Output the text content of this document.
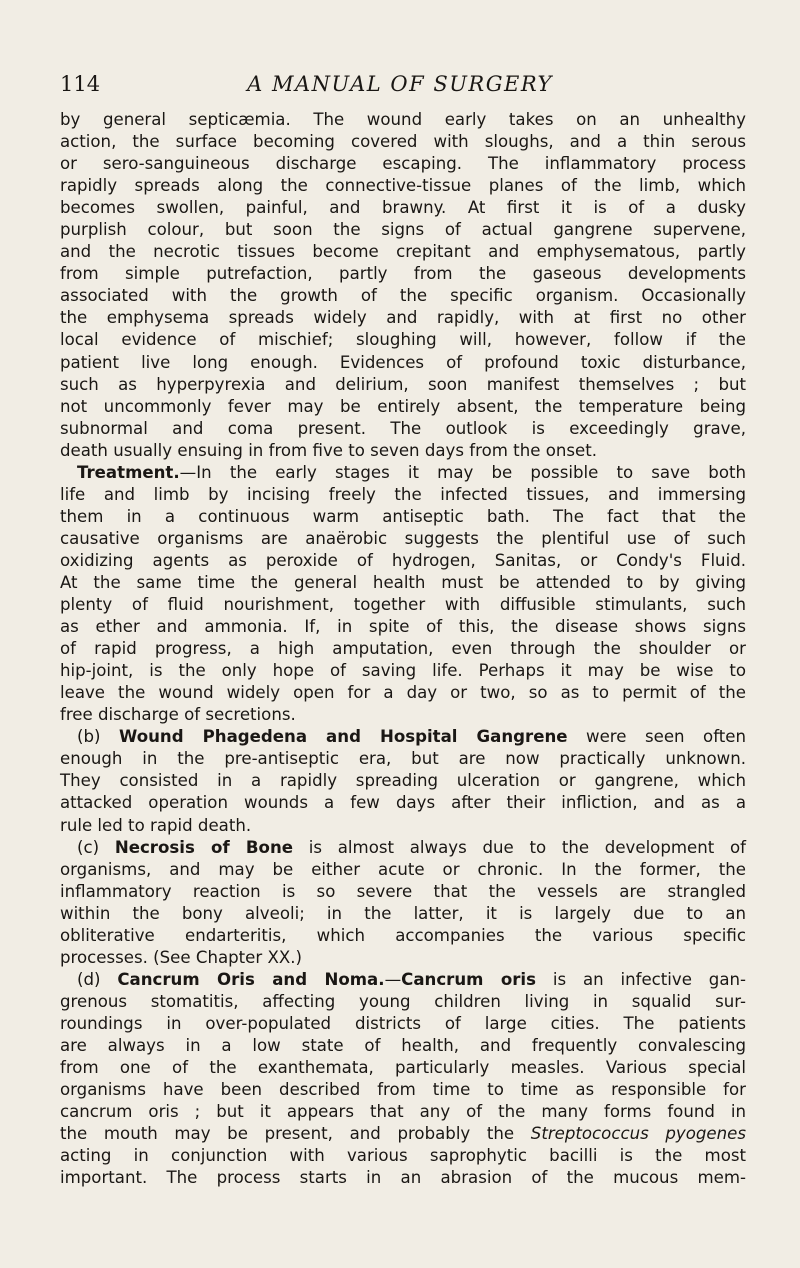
114	A MANUAL OF SURGERY
by general septicæmia. The wound early takes on an unhealthy
action, the surface becoming covered with sloughs, and a thin serous
or sero-sanguineous discharge escaping. The inflammatory process
rapidly spreads along the connective-tissue planes of the limb, which
becomes swollen, painful, and brawny. At first it is of a dusky
purplish colour, but soon the signs of actual gangrene supervene,
and the necrotic tissues become crepitant and emphysematous, partly
from simple putrefaction, partly from the gaseous developments
associated with the growth of the specific organism. Occasionally
the emphysema spreads widely and rapidly, with at first no other
local evidence of mischief; sloughing will, however, follow if the
patient live long enough. Evidences of profound toxic disturbance,
such as hyperpyrexia and delirium, soon manifest themselves ; but
not uncommonly fever may be entirely absent, the temperature being
subnormal and coma present. The outlook is exceedingly grave,
death usually ensuing in from five to seven days from the onset.
Treatment.—In the early stages it may be possible to save both
life and limb by incising freely the infected tissues, and immersing
them in a continuous warm antiseptic bath. The fact that the
causative organisms are anaërobic suggests the plentiful use of such
oxidizing agents as peroxide of hydrogen, Sanitas, or Condy's Fluid.
At the same time the general health must be attended to by giving
plenty of fluid nourishment, together with diffusible stimulants, such
as ether and ammonia. If, in spite of this, the disease shows signs
of rapid progress, a high amputation, even through the shoulder or
hip-joint, is the only hope of saving life. Perhaps it may be wise to
leave the wound widely open for a day or two, so as to permit of the
free discharge of secretions.
(b) Wound Phagedena and Hospital Gangrene were seen often
enough in the pre-antiseptic era, but are now practically unknown.
They consisted in a rapidly spreading ulceration or gangrene, which
attacked operation wounds a few days after their infliction, and as a
rule led to rapid death.
(c) Necrosis of Bone is almost always due to the development of
organisms, and may be either acute or chronic. In the former, the
inflammatory reaction is so severe that the vessels are strangled
within the bony alveoli; in the latter, it is largely due to an
obliterative endarteritis, which accompanies the various specific
processes. (See Chapter XX.)
(d) Cancrum Oris and Noma.—Cancrum oris is an infective gan-
grenous stomatitis, affecting young children living in squalid sur-
roundings in over-populated districts of large cities. The patients
are always in a low state of health, and frequently convalescing
from one of the exanthemata, particularly measles. Various special
organisms have been described from time to time as responsible for
cancrum oris ; but it appears that any of the many forms found in
the mouth may be present, and probably the Streptococcus pyogenes
acting in conjunction with various saprophytic bacilli is the most
important. The process starts in an abrasion of the mucous mem-
